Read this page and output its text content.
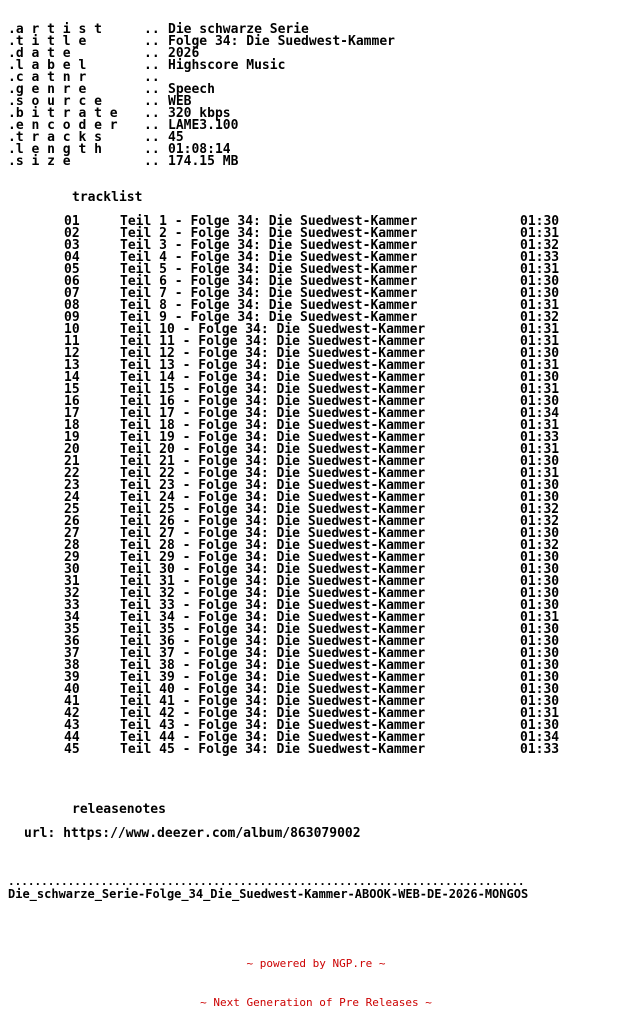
.a r t i s t	.. Die schwarze Serie
.t i t l e	.. Folge 34: Die Suedwest-Kammer
.d a t e	.. 2026
.l a b e l	.. Highscore Music
.c a t n r	..
.g e n r e	.. Speech
.s o u r c e	.. WEB
.b i t r a t e .. 320 kbps
.e n c o d e r .. LAME3.100
.t r a c k s	.. 45
.l e n g t h	.. 01:08:14
.s i z e	.. 174.15 MB
tracklist
01	Teil 1 - Folge 34: Die Suedwest-Kammer	01:30
02	Teil 2 - Folge 34: Die Suedwest-Kammer	01:31
03	Teil 3 - Folge 34: Die Suedwest-Kammer	01:32
04	Teil 4 - Folge 34: Die Suedwest-Kammer	01:33
05	Teil 5 - Folge 34: Die Suedwest-Kammer	01:31
06	Teil 6 - Folge 34: Die Suedwest-Kammer	01:30
07	Teil 7 - Folge 34: Die Suedwest-Kammer	01:30
08	Teil 8 - Folge 34: Die Suedwest-Kammer	01:31
09	Teil 9 - Folge 34: Die Suedwest-Kammer	01:32
10	Teil 10 - Folge 34: Die Suedwest-Kammer	01:31
11	Teil 11 - Folge 34: Die Suedwest-Kammer	01:31
12	Teil 12 - Folge 34: Die Suedwest-Kammer	01:30
13	Teil 13 - Folge 34: Die Suedwest-Kammer	01:31
14	Teil 14 - Folge 34: Die Suedwest-Kammer	01:30
15	Teil 15 - Folge 34: Die Suedwest-Kammer	01:31
16	Teil 16 - Folge 34: Die Suedwest-Kammer	01:30
17	Teil 17 - Folge 34: Die Suedwest-Kammer	01:34
18	Teil 18 - Folge 34: Die Suedwest-Kammer	01:31
19	Teil 19 - Folge 34: Die Suedwest-Kammer	01:33
20	Teil 20 - Folge 34: Die Suedwest-Kammer	01:31
21	Teil 21 - Folge 34: Die Suedwest-Kammer	01:30
22	Teil 22 - Folge 34: Die Suedwest-Kammer	01:31
23	Teil 23 - Folge 34: Die Suedwest-Kammer	01:30
24	Teil 24 - Folge 34: Die Suedwest-Kammer	01:30
25	Teil 25 - Folge 34: Die Suedwest-Kammer	01:32
26	Teil 26 - Folge 34: Die Suedwest-Kammer	01:32
27	Teil 27 - Folge 34: Die Suedwest-Kammer	01:30
28	Teil 28 - Folge 34: Die Suedwest-Kammer	01:32
29	Teil 29 - Folge 34: Die Suedwest-Kammer	01:30
30	Teil 30 - Folge 34: Die Suedwest-Kammer	01:30
31	Teil 31 - Folge 34: Die Suedwest-Kammer	01:30
32	Teil 32 - Folge 34: Die Suedwest-Kammer	01:30
33	Teil 33 - Folge 34: Die Suedwest-Kammer	01:30
34	Teil 34 - Folge 34: Die Suedwest-Kammer	01:31
35	Teil 35 - Folge 34: Die Suedwest-Kammer	01:30
36	Teil 36 - Folge 34: Die Suedwest-Kammer	01:30
37	Teil 37 - Folge 34: Die Suedwest-Kammer	01:30
38	Teil 38 - Folge 34: Die Suedwest-Kammer	01:30
39	Teil 39 - Folge 34: Die Suedwest-Kammer	01:30
40	Teil 40 - Folge 34: Die Suedwest-Kammer	01:30
41	Teil 41 - Folge 34: Die Suedwest-Kammer	01:30
42	Teil 42 - Folge 34: Die Suedwest-Kammer	01:31
43	Teil 43 - Folge 34: Die Suedwest-Kammer	01:30
44	Teil 44 - Folge 34: Die Suedwest-Kammer	01:34
45	Teil 45 - Folge 34: Die Suedwest-Kammer	01:33
releasenotes
url: https://www.deezer.com/album/863079002
..............................................................................
Die_schwarze_Serie-Folge_34_Die_Suedwest-Kammer-ABOOK-WEB-DE-2026-MONGOS

~ powered by NGP.re ~

~ Next Generation of Pre Releases ~
